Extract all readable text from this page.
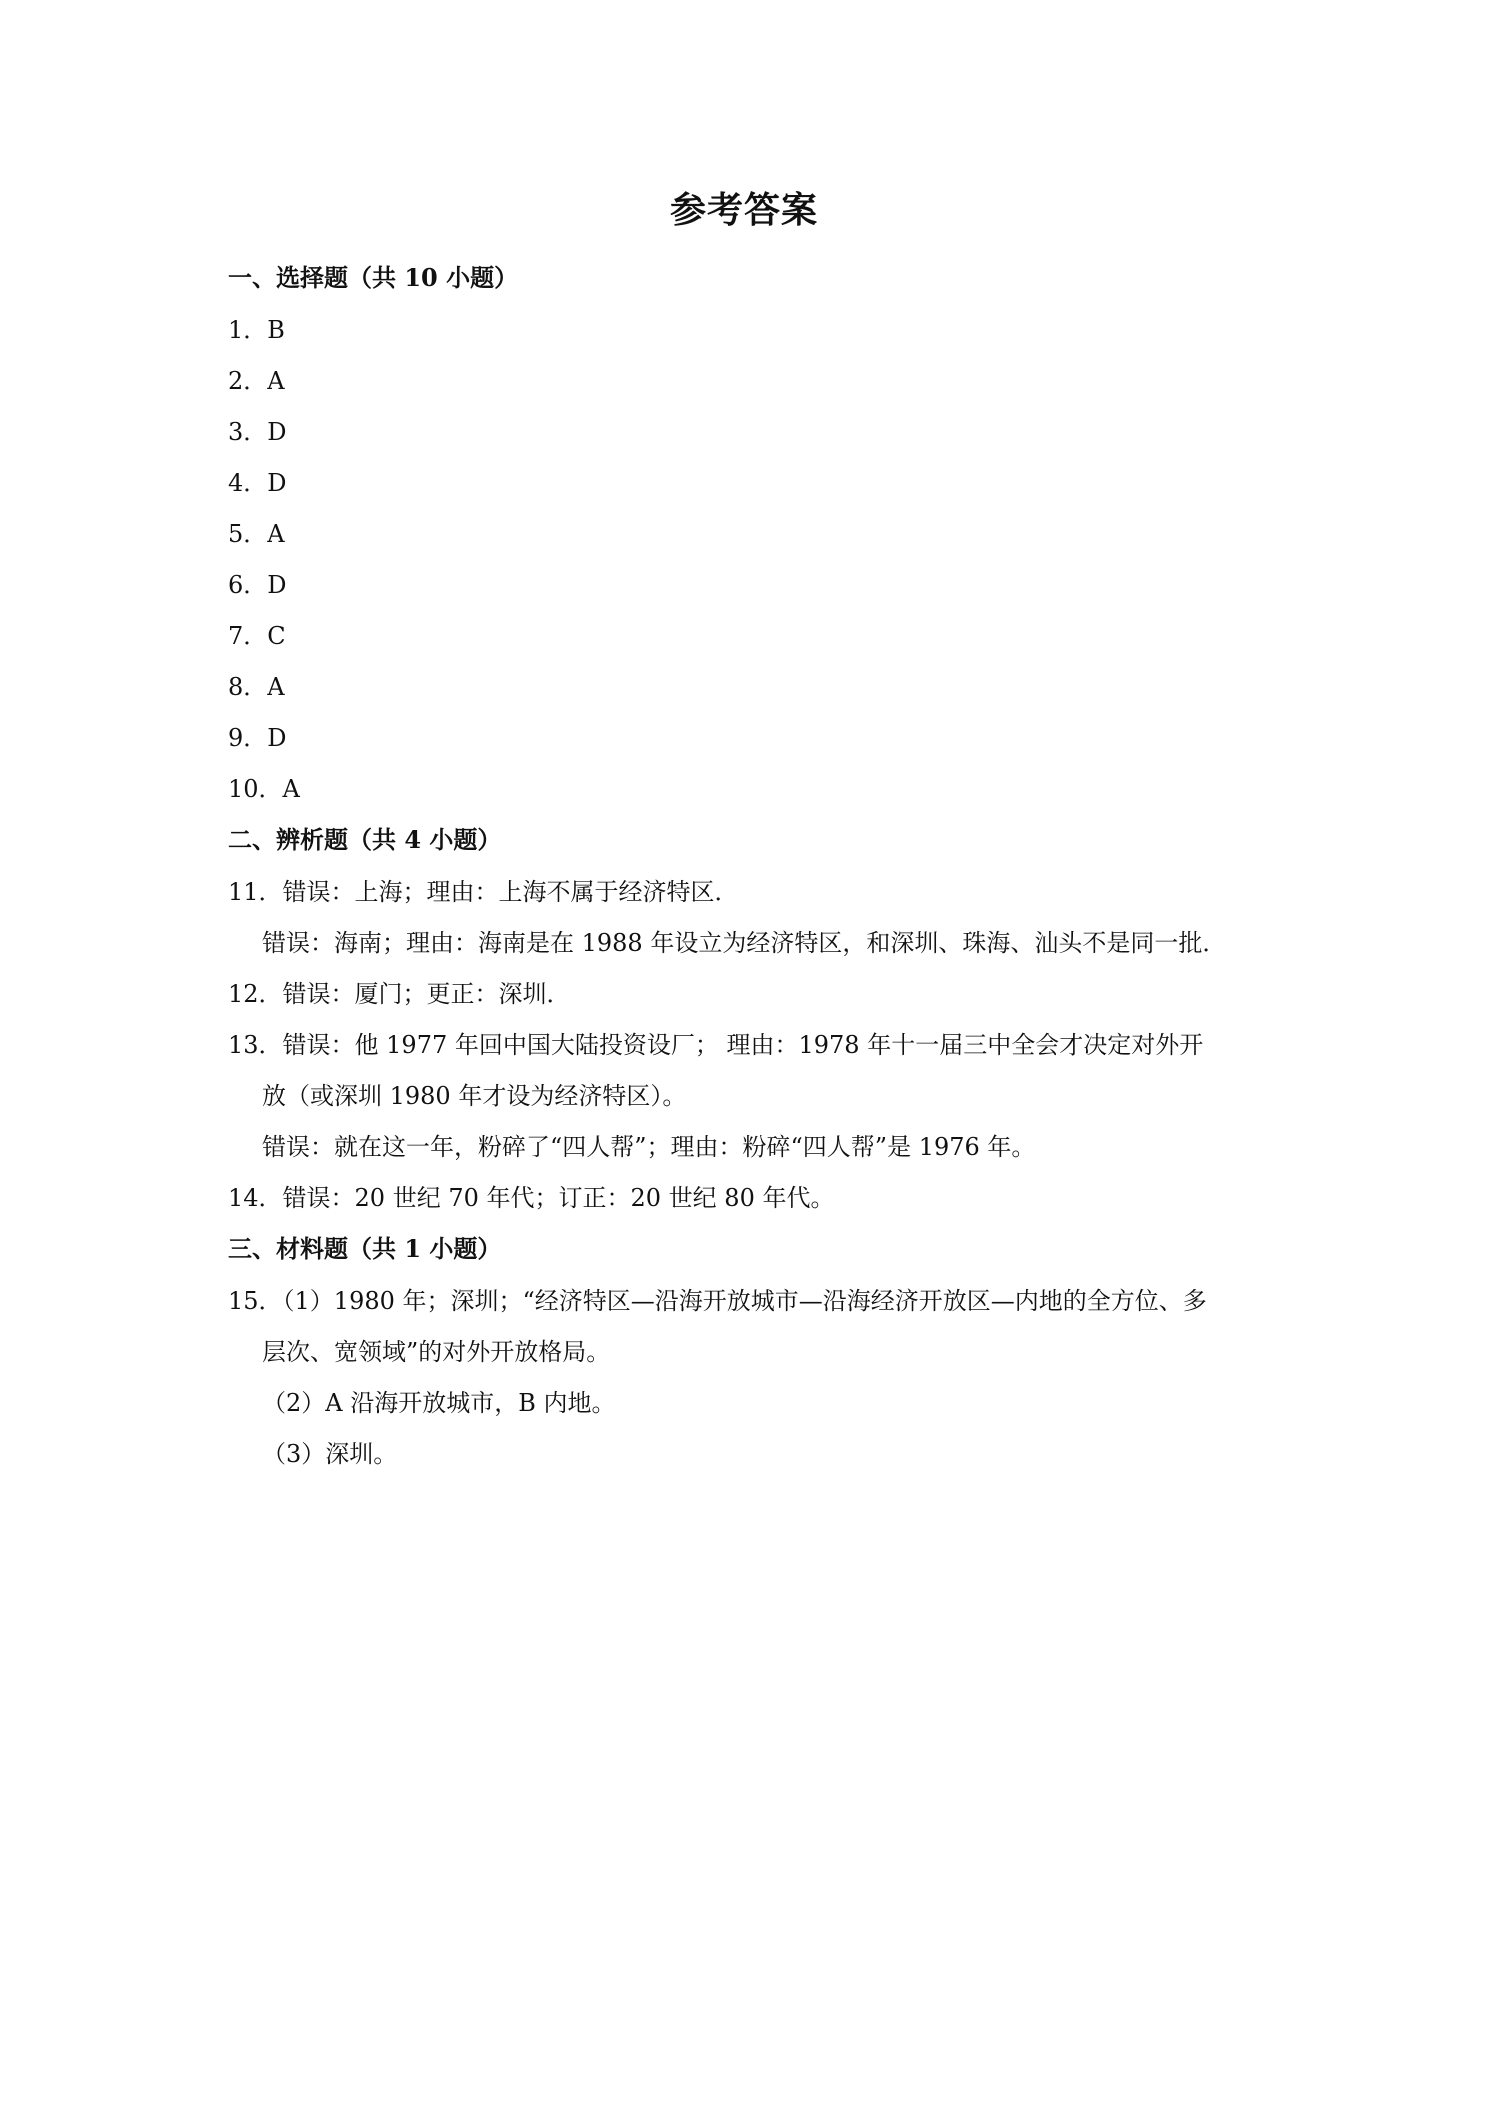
参考答案
一、选择题（共 10 小题）
1．B
2．A
3．D
4．D
5．A
6．D
7．C
8．A
9．D
10．A
二、辨析题（共 4 小题）
11．错误：上海；理由：上海不属于经济特区．
错误：海南；理由：海南是在 1988 年设立为经济特区，和深圳、珠海、汕头不是同一批．
12．错误：厦门；更正：深圳．
13．错误：他 1977 年回中国大陆投资设厂； 理由：1978 年十一届三中全会才决定对外开
放（或深圳 1980 年才设为经济特区）。
错误：就在这一年，粉碎了“四人帮”；理由：粉碎“四人帮”是 1976 年。
14．错误：20 世纪 70 年代；订正：20 世纪 80 年代。
三、材料题（共 1 小题）
15．（1）1980 年；深圳；“经济特区—沿海开放城市—沿海经济开放区—内地的全方位、多
层次、宽领域”的对外开放格局。
（2）A 沿海开放城市，B 内地。
（3）深圳。
